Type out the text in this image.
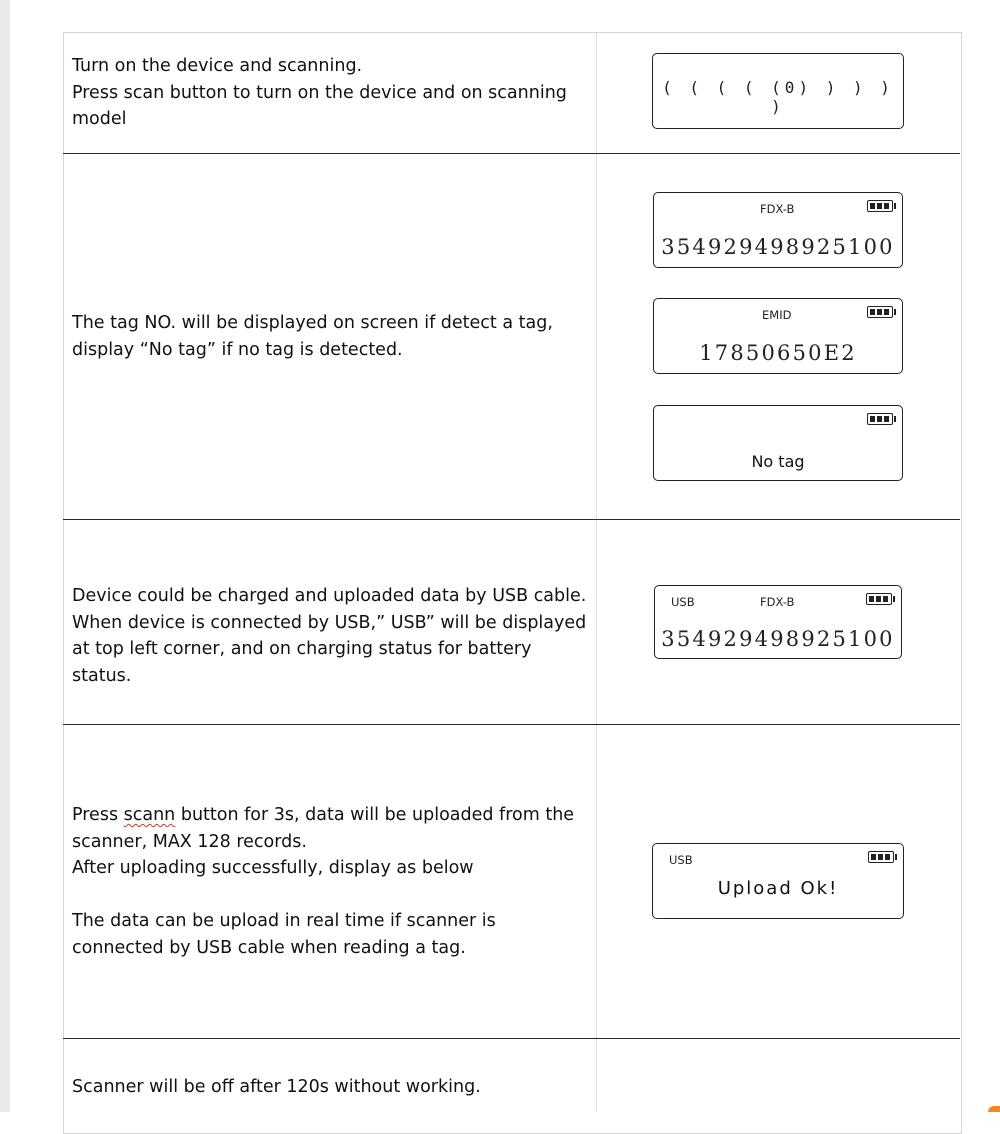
Turn on the device and scanning.
Press scan button to turn on the device and on scanning model
( ( ( ( (0) ) ) ) )
The tag NO. will be displayed on screen if detect a tag, display “No tag” if no tag is detected.
FDX-B
354929498925100
EMID
17850650E2
No tag
Device could be charged and uploaded data by USB cable. When device is connected by USB,” USB” will be displayed at top left corner, and on charging status for battery status.
USB	FDX-B
354929498925100
Press scann button for 3s, data will be uploaded from the scanner, MAX 128 records.
After uploading successfully, display as below

The data can be upload in real time if scanner is connected by USB cable when reading a tag.
USB
Upload Ok!
Scanner will be off after 120s without working.
